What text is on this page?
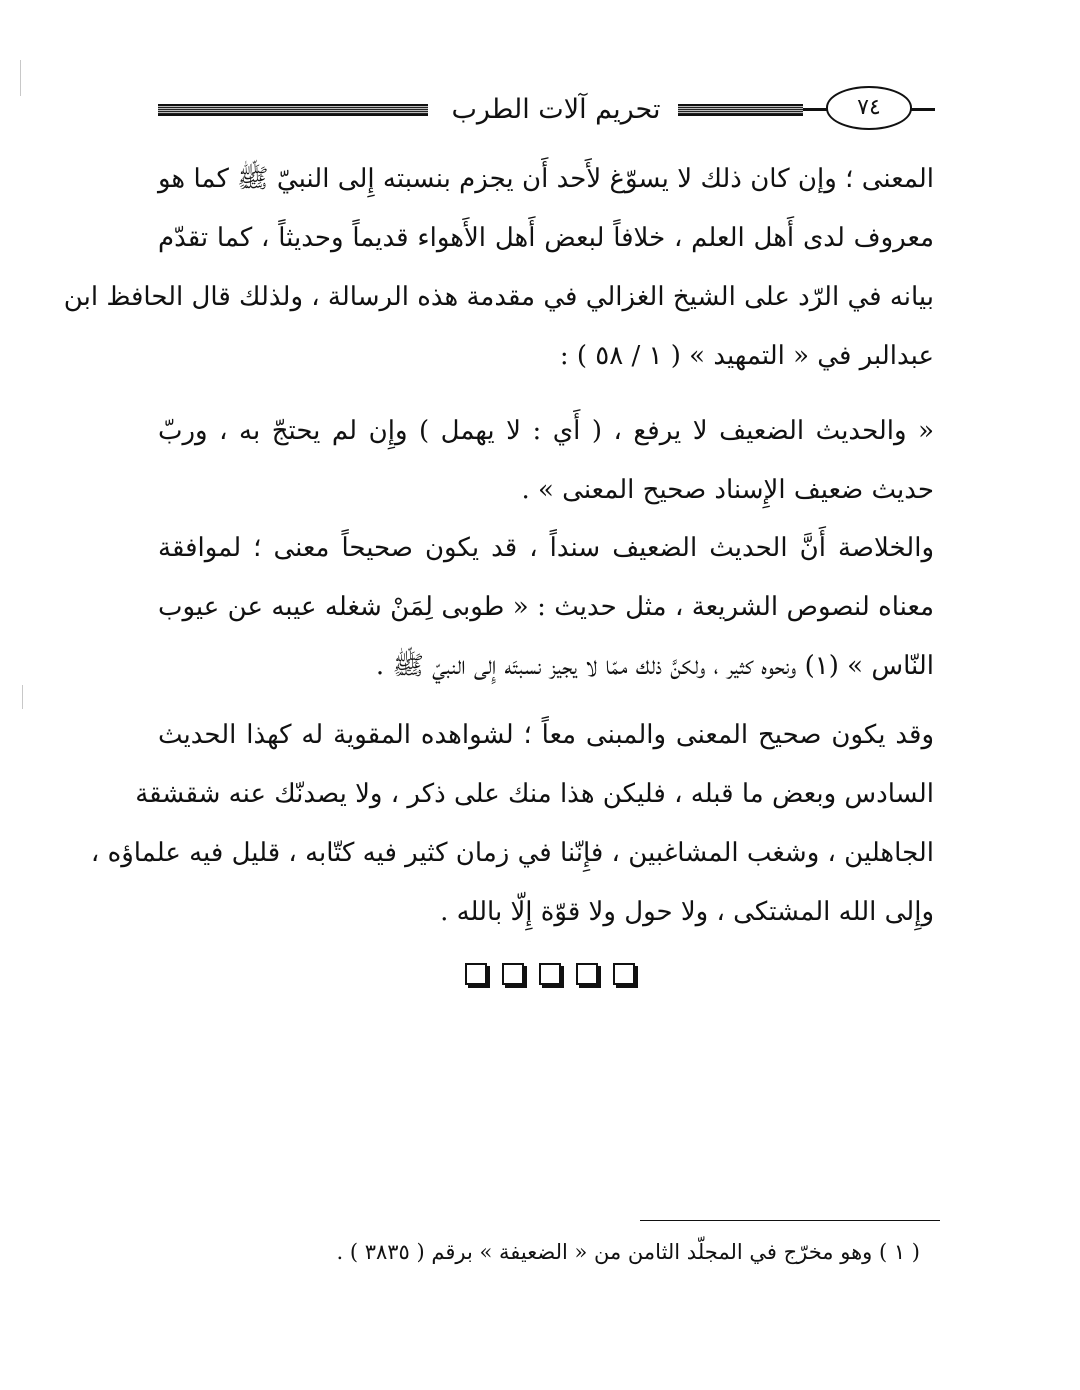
تحريم آلات الطرب	٧٤
المعنى ؛ وإن كان ذلك لا يسوّغ لأَحد أَن يجزم بنسبته إِلى النبيّ ﷺ كما هو
معروف لدى أَهل العلم ، خلافاً لبعض أَهل الأَهواء قديماً وحديثاً ، كما تقدّم
بيانه في الرّد على الشيخ الغزالي في مقدمة هذه الرسالة ، ولذلك قال الحافظ ابن
عبدالبر في « التمهيد » ( ١ / ٥٨ ) :
« والحديث الضعيف لا يرفع ، ( أَي : لا يهمل ) وإِن لم يحتجّ به ، وربّ
حديث ضعيف الإِسناد صحيح المعنى » .
والخلاصة أَنَّ الحديث الضعيف سنداً ، قد يكون صحيحاً معنى ؛ لموافقة
معناه لنصوص الشريعة ، مثل حديث : « طوبى لِمَنْ شغله عيبه عن عيوب
النّاس » (١) ونحوه كثير ، ولكنَّ ذلك ممّا لا يجيز نسبتَه إِلى النبيّ ﷺ .
وقد يكون صحيح المعنى والمبنى معاً ؛ لشواهده المقوية له كهذا الحديث
السادس وبعض ما قبله ، فليكن هذا منك على ذكر ، ولا يصدنّك عنه شقشقة
الجاهلين ، وشغب المشاغبين ، فإِنّنا في زمان كثير فيه كتّابه ، قليل فيه علماؤه ،
وإِلى الله المشتكى ، ولا حول ولا قوّة إِلّا بالله .
( ١ ) وهو مخرّج في المجلّد الثامن من « الضعيفة » برقم ( ٣٨٣٥ ) .
